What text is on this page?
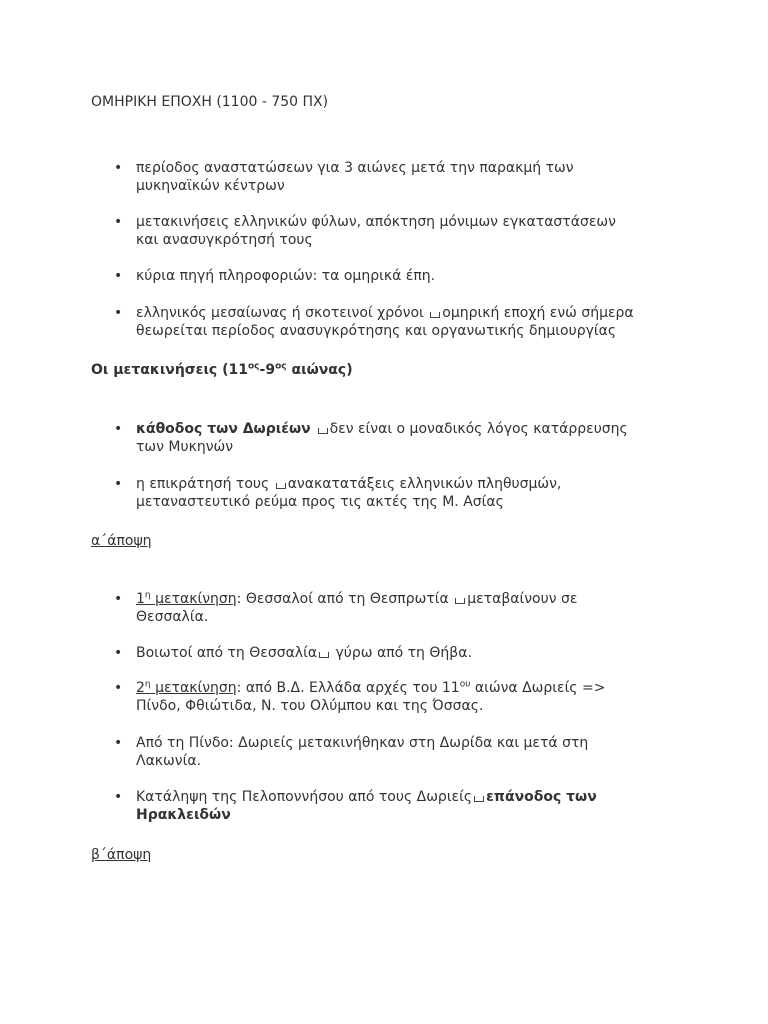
ΟΜΗΡΙΚΗ ΕΠΟΧΗ (1100 - 750 ΠΧ)
• περίοδος αναστατώσεων για 3 αιώνες μετά την παρακμή των
μυκηναϊκών κέντρων
• μετακινήσεις ελληνικών φύλων, απόκτηση μόνιμων εγκαταστάσεων
και ανασυγκρότησή τους
• κύρια πηγή πληροφοριών: τα ομηρικά έπη.
• ελληνικός μεσαίωνας ή σκοτεινοί χρόνοι ομηρική εποχή ενώ σήμερα
θεωρείται περίοδος ανασυγκρότησης και οργανωτικής δημιουργίας
Οι μετακινήσεις ($11^{o\varsigma}-9^{o\varsigma}$ αιώνας)
• κάθοδος των Δωριέων δεν είναι ο μοναδικός λόγος κατάρρευσης
των Μυκηνών
• η επικράτησή τους ανακατατάξεις ελληνικών πληθυσμών,
μεταναστευτικό ρεύμα προς τις ακτές της Μ. Ασίας
α΄άποψη
• $1^\eta$ μετακίνηση: Θεσσαλοί από τη Θεσπρωτία μεταβαίνουν σε
Θεσσαλία.
• Βοιωτοί από τη Θεσσαλία γύρω από τη Θήβα.
• $2^\eta$ μετακίνηση: από Β.Δ. Ελλάδα αρχές του $11^{o\upsilon}$ αιώνα Δωριείς =>
Πίνδο, Φθιώτιδα, Ν. του Ολύμπου και της Όσσας.
• Από τη Πίνδο: Δωριείς μετακινήθηκαν στη Δωρίδα και μετά στη
Λακωνία.
• Κατάληψη της Πελοποννήσου από τους Δωριείς επάνοδος των
Ηρακλειδών
β΄άποψη
